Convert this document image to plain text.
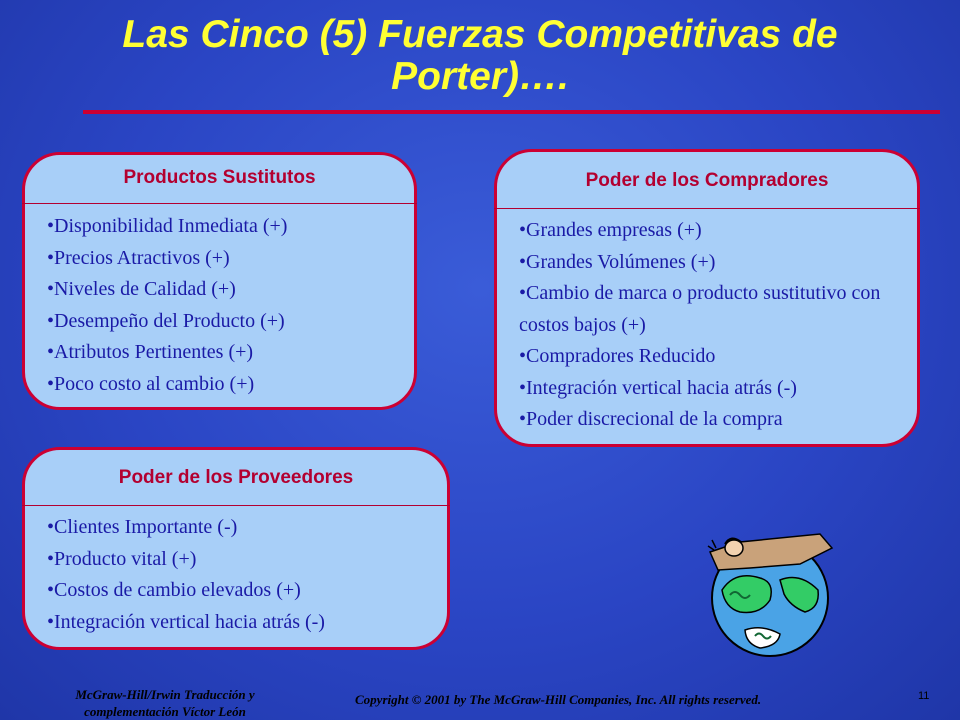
Las Cinco (5) Fuerzas Competitivas de Porter)….
Productos Sustitutos
• Disponibilidad Inmediata (+)
• Precios Atractivos (+)
• Niveles de Calidad (+)
• Desempeño del Producto (+)
• Atributos Pertinentes (+)
• Poco costo al cambio (+)
Poder de los Compradores
• Grandes empresas (+)
• Grandes Volúmenes (+)
• Cambio de marca o producto sustitutivo con costos bajos (+)
• Compradores Reducido
• Integración vertical hacia atrás (-)
• Poder discrecional de la compra
Poder de los Proveedores
• Clientes Importante (-)
• Producto vital (+)
• Costos de cambio elevados (+)
• Integración vertical hacia atrás (-)
McGraw-Hill/Irwin Traducción y complementación Víctor León
Copyright © 2001 by The McGraw-Hill Companies, Inc. All rights reserved.	11
